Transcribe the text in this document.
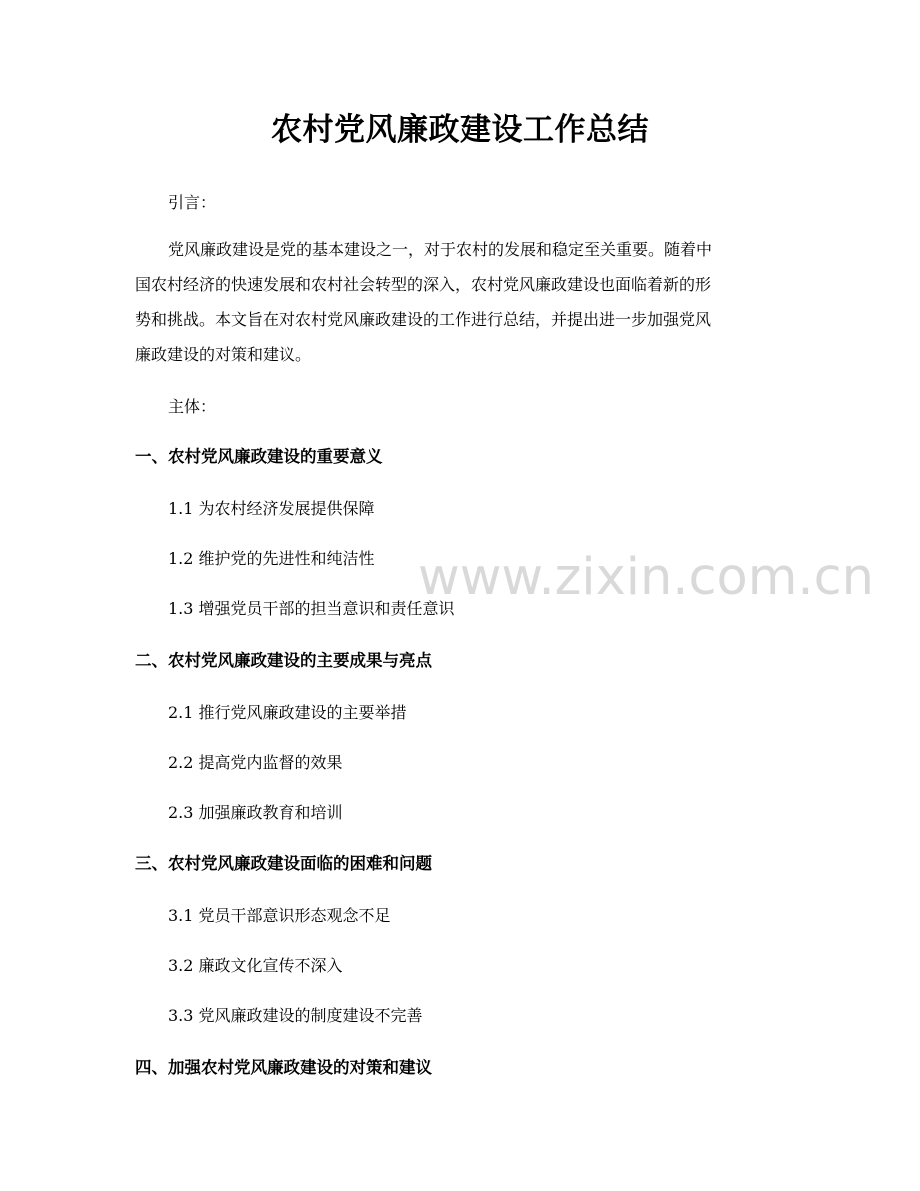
农村党风廉政建设工作总结

引言：

党风廉政建设是党的基本建设之一，对于农村的发展和稳定至关重要。随着中
国农村经济的快速发展和农村社会转型的深入，农村党风廉政建设也面临着新的形
势和挑战。本文旨在对农村党风廉政建设的工作进行总结，并提出进一步加强党风
廉政建设的对策和建议。

主体：

一、农村党风廉政建设的重要意义

1.1 为农村经济发展提供保障

1.2 维护党的先进性和纯洁性

1.3 增强党员干部的担当意识和责任意识

二、农村党风廉政建设的主要成果与亮点

2.1 推行党风廉政建设的主要举措

2.2 提高党内监督的效果

2.3 加强廉政教育和培训

三、农村党风廉政建设面临的困难和问题

3.1 党员干部意识形态观念不足

3.2 廉政文化宣传不深入

3.3 党风廉政建设的制度建设不完善

四、加强农村党风廉政建设的对策和建议
www.zixin.com.cn
